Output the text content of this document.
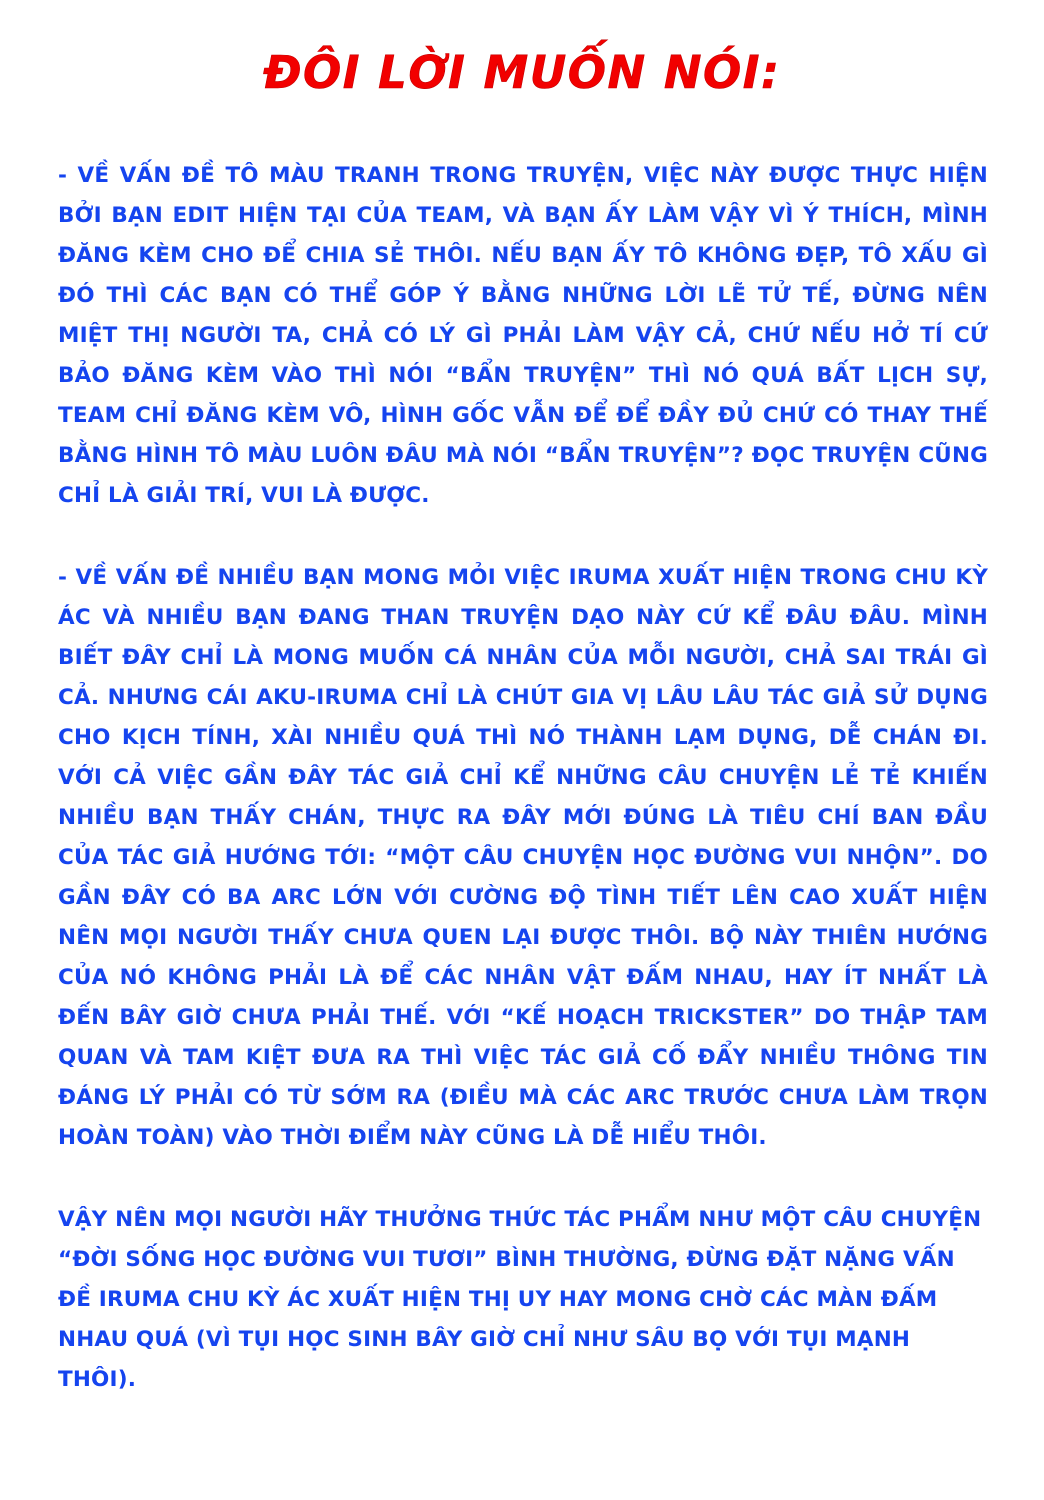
ĐÔI LỜI MUỐN NÓI:

- VỀ VẤN ĐỀ TÔ MÀU TRANH TRONG TRUYỆN, VIỆC NÀY ĐƯỢC THỰC HIỆN BỞI BẠN EDIT HIỆN TẠI CỦA TEAM, VÀ BẠN ẤY LÀM VẬY VÌ Ý THÍCH, MÌNH ĐĂNG KÈM CHO ĐỂ CHIA SẺ THÔI. NẾU BẠN ẤY TÔ KHÔNG ĐẸP, TÔ XẤU GÌ ĐÓ THÌ CÁC BẠN CÓ THỂ GÓP Ý BẰNG NHỮNG LỜI LẼ TỬ TẾ, ĐỪNG NÊN MIỆT THỊ NGƯỜI TA, CHẢ CÓ LÝ GÌ PHẢI LÀM VẬY CẢ, CHỨ NẾU HỞ TÍ CỨ BẢO ĐĂNG KÈM VÀO THÌ NÓI “BẨN TRUYỆN” THÌ NÓ QUÁ BẤT LỊCH SỰ, TEAM CHỈ ĐĂNG KÈM VÔ, HÌNH GỐC VẪN ĐỂ ĐỂ ĐẦY ĐỦ CHỨ CÓ THAY THẾ BẰNG HÌNH TÔ MÀU LUÔN ĐÂU MÀ NÓI “BẨN TRUYỆN”? ĐỌC TRUYỆN CŨNG CHỈ LÀ GIẢI TRÍ, VUI LÀ ĐƯỢC.

- VỀ VẤN ĐỀ NHIỀU BẠN MONG MỎI VIỆC IRUMA XUẤT HIỆN TRONG CHU KỲ ÁC VÀ NHIỀU BẠN ĐANG THAN TRUYỆN DẠO NÀY CỨ KỂ ĐÂU ĐÂU. MÌNH BIẾT ĐÂY CHỈ LÀ MONG MUỐN CÁ NHÂN CỦA MỖI NGƯỜI, CHẢ SAI TRÁI GÌ CẢ. NHƯNG CÁI AKU-IRUMA CHỈ LÀ CHÚT GIA VỊ LÂU LÂU TÁC GIẢ SỬ DỤNG CHO KỊCH TÍNH, XÀI NHIỀU QUÁ THÌ NÓ THÀNH LẠM DỤNG, DỄ CHÁN ĐI. VỚI CẢ VIỆC GẦN ĐÂY TÁC GIẢ CHỈ KỂ NHỮNG CÂU CHUYỆN LẺ TẺ KHIẾN NHIỀU BẠN THẤY CHÁN, THỰC RA ĐÂY MỚI ĐÚNG LÀ TIÊU CHÍ BAN ĐẦU CỦA TÁC GIẢ HƯỚNG TỚI: “MỘT CÂU CHUYỆN HỌC ĐƯỜNG VUI NHỘN”. DO GẦN ĐÂY CÓ BA ARC LỚN VỚI CƯỜNG ĐỘ TÌNH TIẾT LÊN CAO XUẤT HIỆN NÊN MỌI NGƯỜI THẤY CHƯA QUEN LẠI ĐƯỢC THÔI. BỘ NÀY THIÊN HƯỚNG CỦA NÓ KHÔNG PHẢI LÀ ĐỂ CÁC NHÂN VẬT ĐẤM NHAU, HAY ÍT NHẤT LÀ ĐẾN BÂY GIỜ CHƯA PHẢI THẾ. VỚI “KẾ HOẠCH TRICKSTER” DO THẬP TAM QUAN VÀ TAM KIỆT ĐƯA RA THÌ VIỆC TÁC GIẢ CỐ ĐẨY NHIỀU THÔNG TIN ĐÁNG LÝ PHẢI CÓ TỪ SỚM RA (ĐIỀU MÀ CÁC ARC TRƯỚC CHƯA LÀM TRỌN HOÀN TOÀN) VÀO THỜI ĐIỂM NÀY CŨNG LÀ DỄ HIỂU THÔI.

VẬY NÊN MỌI NGƯỜI HÃY THƯỞNG THỨC TÁC PHẨM NHƯ MỘT CÂU CHUYỆN “ĐỜI SỐNG HỌC ĐƯỜNG VUI TƯƠI” BÌNH THƯỜNG, ĐỪNG ĐẶT NẶNG VẤN ĐỀ IRUMA CHU KỲ ÁC XUẤT HIỆN THỊ UY HAY MONG CHỜ CÁC MÀN ĐẤM NHAU QUÁ (VÌ TỤI HỌC SINH BÂY GIỜ CHỈ NHƯ SÂU BỌ VỚI TỤI MẠNH THÔI).
